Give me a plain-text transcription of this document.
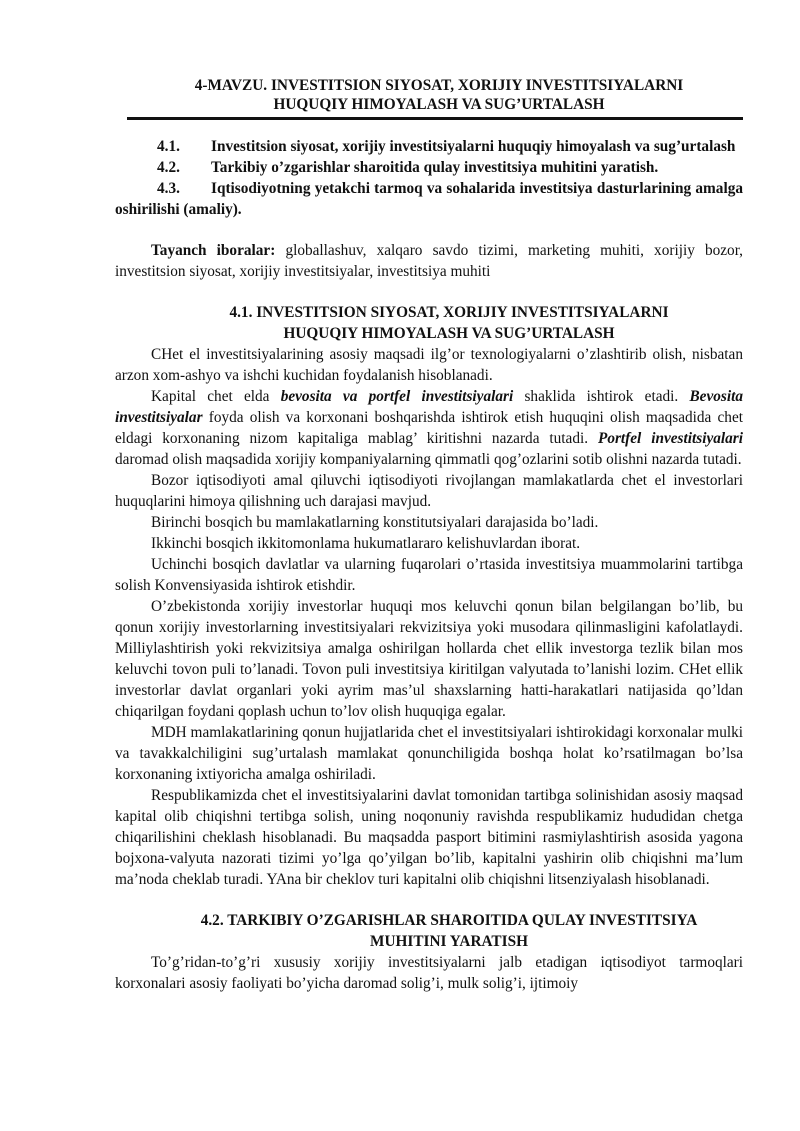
4-MAVZU. INVESTITSION SIYOSAT, XORIJIY INVESTITSIYALARNI
HUQUQIY HIMOYALASH VA SUG’URTALASH

4.1. Investitsion siyosat, xorijiy investitsiyalarni huquqiy himoyalash va sug’urtalash

4.2. Tarkibiy o’zgarishlar sharoitida qulay investitsiya muhitini yaratish.

4.3. Iqtisodiyotning yetakchi tarmoq va sohalarida investitsiya dasturlarining amalga oshirilishi (amaliy).

Tayanch iboralar: globallashuv, xalqaro savdo tizimi, marketing muhiti, xorijiy bozor, investitsion siyosat, xorijiy investitsiyalar, investitsiya muhiti

4.1. INVESTITSION SIYOSAT, XORIJIY INVESTITSIYALARNI
HUQUQIY HIMOYALASH VA SUG’URTALASH

CHet el investitsiyalarining asosiy maqsadi ilg’or texnologiyalarni o’zlashtirib olish, nisbatan arzon xom-ashyo va ishchi kuchidan foydalanish hisoblanadi.

Kapital chet elda bevosita va portfel investitsiyalari shaklida ishtirok etadi. Bevosita investitsiyalar foyda olish va korxonani boshqarishda ishtirok etish huquqini olish maqsadida chet eldagi korxonaning nizom kapitaliga mablag’ kiritishni nazarda tutadi. Portfel investitsiyalari daromad olish maqsadida xorijiy kompaniyalarning qimmatli qog’ozlarini sotib olishni nazarda tutadi.

Bozor iqtisodiyoti amal qiluvchi iqtisodiyoti rivojlangan mamlakatlarda chet el investorlari huquqlarini himoya qilishning uch darajasi mavjud.

Birinchi bosqich bu mamlakatlarning konstitutsiyalari darajasida bo’ladi.

Ikkinchi bosqich ikkitomonlama hukumatlararo kelishuvlardan iborat.

Uchinchi bosqich davlatlar va ularning fuqarolari o’rtasida investitsiya muammolarini tartibga solish Konvensiyasida ishtirok etishdir.

O’zbekistonda xorijiy investorlar huquqi mos keluvchi qonun bilan belgilangan bo’lib, bu qonun xorijiy investorlarning investitsiyalari rekvizitsiya yoki musodara qilinmasligini kafolatlaydi. Milliylashtirish yoki rekvizitsiya amalga oshirilgan hollarda chet ellik investorga tezlik bilan mos keluvchi tovon puli to’lanadi. Tovon puli investitsiya kiritilgan valyutada to’lanishi lozim. CHet ellik investorlar davlat organlari yoki ayrim mas’ul shaxslarning hatti-harakatlari natijasida qo’ldan chiqarilgan foydani qoplash uchun to’lov olish huquqiga egalar.

MDH mamlakatlarining qonun hujjatlarida chet el investitsiyalari ishtirokidagi korxonalar mulki va tavakkalchiligini sug’urtalash mamlakat qonunchiligida boshqa holat ko’rsatilmagan bo’lsa korxonaning ixtiyoricha amalga oshiriladi.

Respublikamizda chet el investitsiyalarini davlat tomonidan tartibga solinishidan asosiy maqsad kapital olib chiqishni tertibga solish, uning noqonuniy ravishda respublikamiz hududidan chetga chiqarilishini cheklash hisoblanadi. Bu maqsadda pasport bitimini rasmiylashtirish asosida yagona bojxona-valyuta nazorati tizimi yo’lga qo’yilgan bo’lib, kapitalni yashirin olib chiqishni ma’lum ma’noda cheklab turadi. YAna bir cheklov turi kapitalni olib chiqishni litsenziyalash hisoblanadi.

4.2. TARKIBIY O’ZGARISHLAR SHAROITIDA QULAY INVESTITSIYA
MUHITINI YARATISH

To’g’ridan-to’g’ri xususiy xorijiy investitsiyalarni jalb etadigan iqtisodiyot tarmoqlari korxonalari asosiy faoliyati bo’yicha daromad solig’i, mulk solig’i, ijtimoiy
